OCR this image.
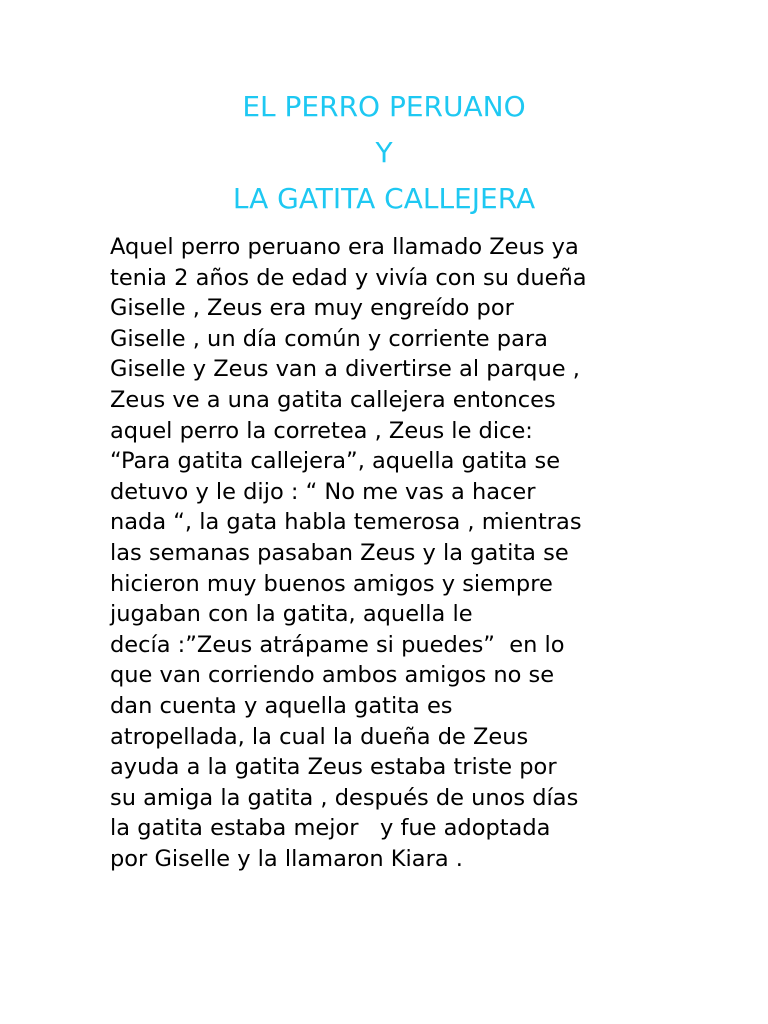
EL PERRO PERUANO
Y
LA GATITA CALLEJERA
Aquel perro peruano era llamado Zeus ya
tenia 2 años de edad y vivía con su dueña
Giselle , Zeus era muy engreído por
Giselle , un día común y corriente para
Giselle y Zeus van a divertirse al parque ,
Zeus ve a una gatita callejera entonces
aquel perro la corretea , Zeus le dice:
“Para gatita callejera”, aquella gatita se
detuvo y le dijo : “ No me vas a hacer
nada “, la gata habla temerosa , mientras
las semanas pasaban Zeus y la gatita se
hicieron muy buenos amigos y siempre
jugaban con la gatita, aquella le
decía :”Zeus atrápame si puedes”  en lo
que van corriendo ambos amigos no se
dan cuenta y aquella gatita es
atropellada, la cual la dueña de Zeus
ayuda a la gatita Zeus estaba triste por
su amiga la gatita , después de unos días
la gatita estaba mejor   y fue adoptada
por Giselle y la llamaron Kiara .
